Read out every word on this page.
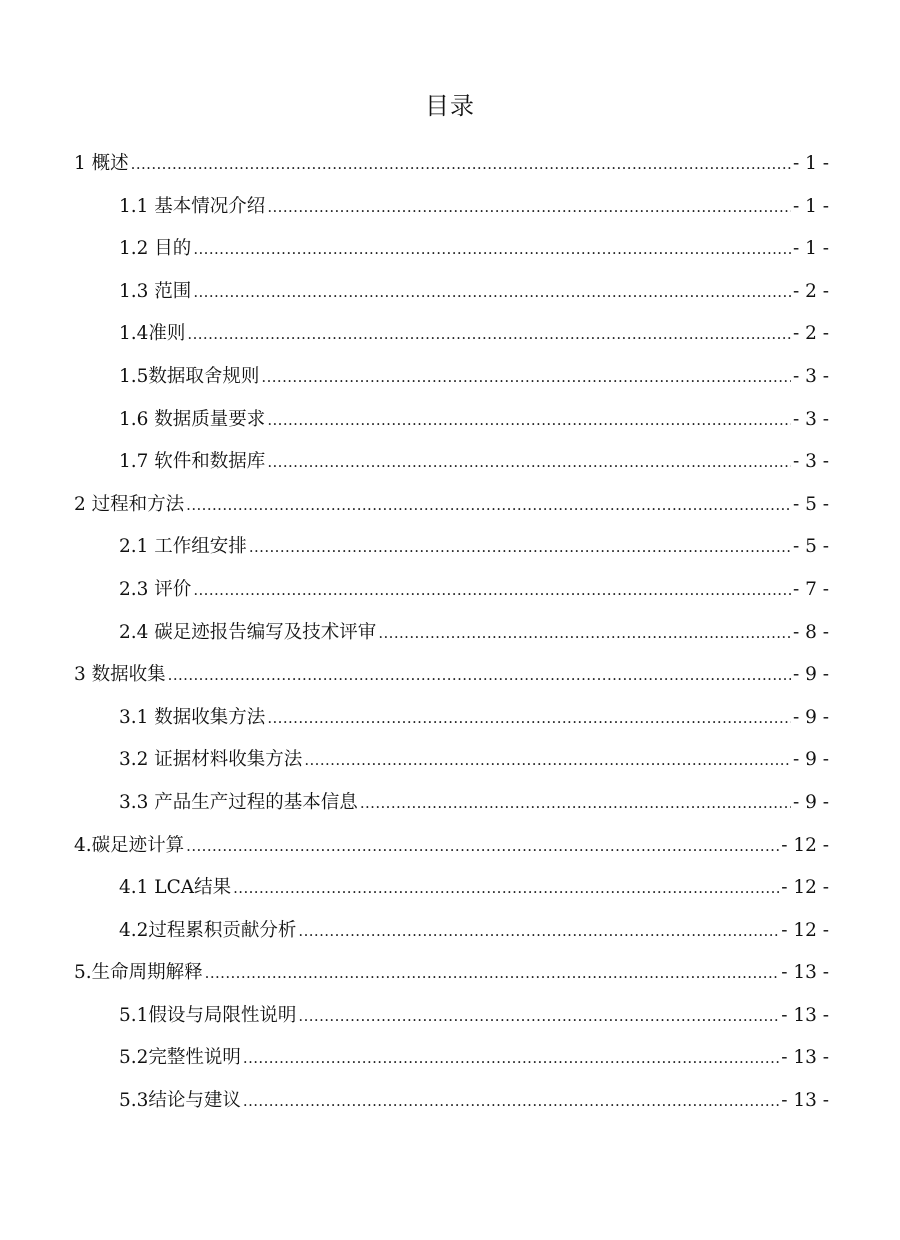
目录
1 概述 .....	- 1 -
1.1 基本情况介绍 .....	- 1 -
1.2 目的 .....	- 1 -
1.3 范围 .....	- 2 -
1.4准则 .....	- 2 -
1.5数据取舍规则 .....	- 3 -
1.6 数据质量要求 .....	- 3 -
1.7 软件和数据库 .....	- 3 -
2 过程和方法 .....	- 5 -
2.1 工作组安排 .....	- 5 -
2.3 评价 .....	- 7 -
2.4 碳足迹报告编写及技术评审 .....	- 8 -
3 数据收集 .....	- 9 -
3.1 数据收集方法 .....	- 9 -
3.2 证据材料收集方法 .....	- 9 -
3.3 产品生产过程的基本信息 .....	- 9 -
4.碳足迹计算 .....	- 12 -
4.1 LCA结果 .....	- 12 -
4.2过程累积贡献分析 .....	- 12 -
5.生命周期解释 .....	- 13 -
5.1假设与局限性说明 .....	- 13 -
5.2完整性说明 .....	- 13 -
5.3结论与建议 .....	- 13 -
